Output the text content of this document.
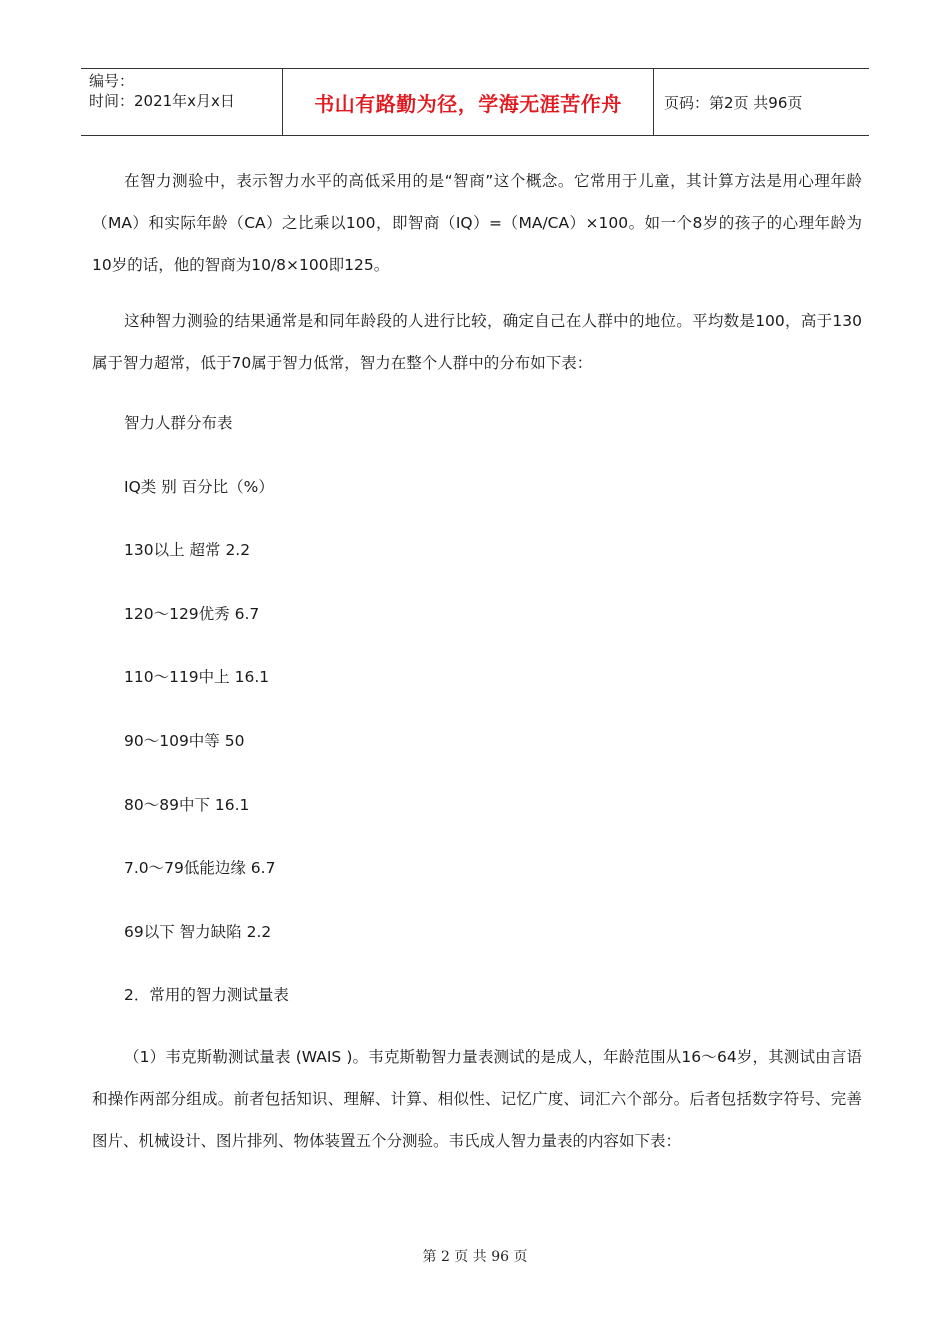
编号：
时间：2021年x月x日	书山有路勤为径，学海无涯苦作舟	页码：第2页 共96页

在智力测验中，表示智力水平的高低采用的是“智商”这个概念。它常用于儿童，其计算方法是用心理年龄（MA）和实际年龄（CA）之比乘以100，即智商（IQ）=（MA/CA）×100。如一个8岁的孩子的心理年龄为10岁的话，他的智商为10/8×100即125。

这种智力测验的结果通常是和同年龄段的人进行比较，确定自己在人群中的地位。平均数是100，高于130属于智力超常，低于70属于智力低常，智力在整个人群中的分布如下表：

智力人群分布表

IQ类 别 百分比（%）

130以上 超常 2.2

120～129优秀 6.7

110～119中上 16.1

90～109中等 50

80～89中下 16.1

7.0～79低能边缘 6.7

69以下 智力缺陷 2.2

2．常用的智力测试量表

（1）韦克斯勒测试量表 (WAIS )。韦克斯勒智力量表测试的是成人，年龄范围从16～64岁，其测试由言语和操作两部分组成。前者包括知识、理解、计算、相似性、记忆广度、词汇六个部分。后者包括数字符号、完善图片、机械设计、图片排列、物体装置五个分测验。韦氏成人智力量表的内容如下表：

第 2 页 共 96 页
